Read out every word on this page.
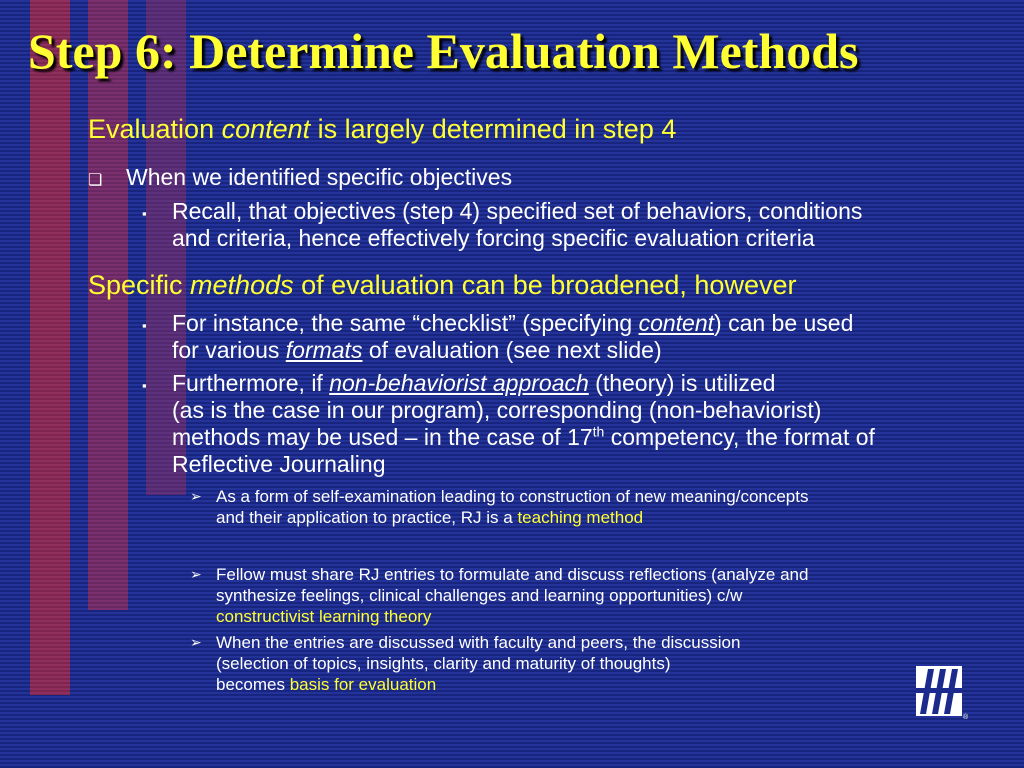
Step 6: Determine Evaluation Methods
Evaluation content is largely determined in step 4
❏ When we identified specific objectives
▪ Recall, that objectives (step 4) specified set of behaviors, conditions
and criteria, hence effectively forcing specific evaluation criteria
Specific methods of evaluation can be broadened, however
▪ For instance, the same “checklist” (specifying content) can be used
for various formats of evaluation (see next slide)
▪ Furthermore, if non-behaviorist approach (theory) is utilized
(as is the case in our program), corresponding (non-behaviorist)
methods may be used – in the case of 17th competency, the format of
Reflective Journaling
➢ As a form of self-examination leading to construction of new meaning/concepts
and their application to practice, RJ is a teaching method
➢ Fellow must share RJ entries to formulate and discuss reflections (analyze and
synthesize feelings, clinical challenges and learning opportunities) c/w
constructivist learning theory
➢ When the entries are discussed with faculty and peers, the discussion
(selection of topics, insights, clarity and maturity of thoughts)
becomes basis for evaluation
®
